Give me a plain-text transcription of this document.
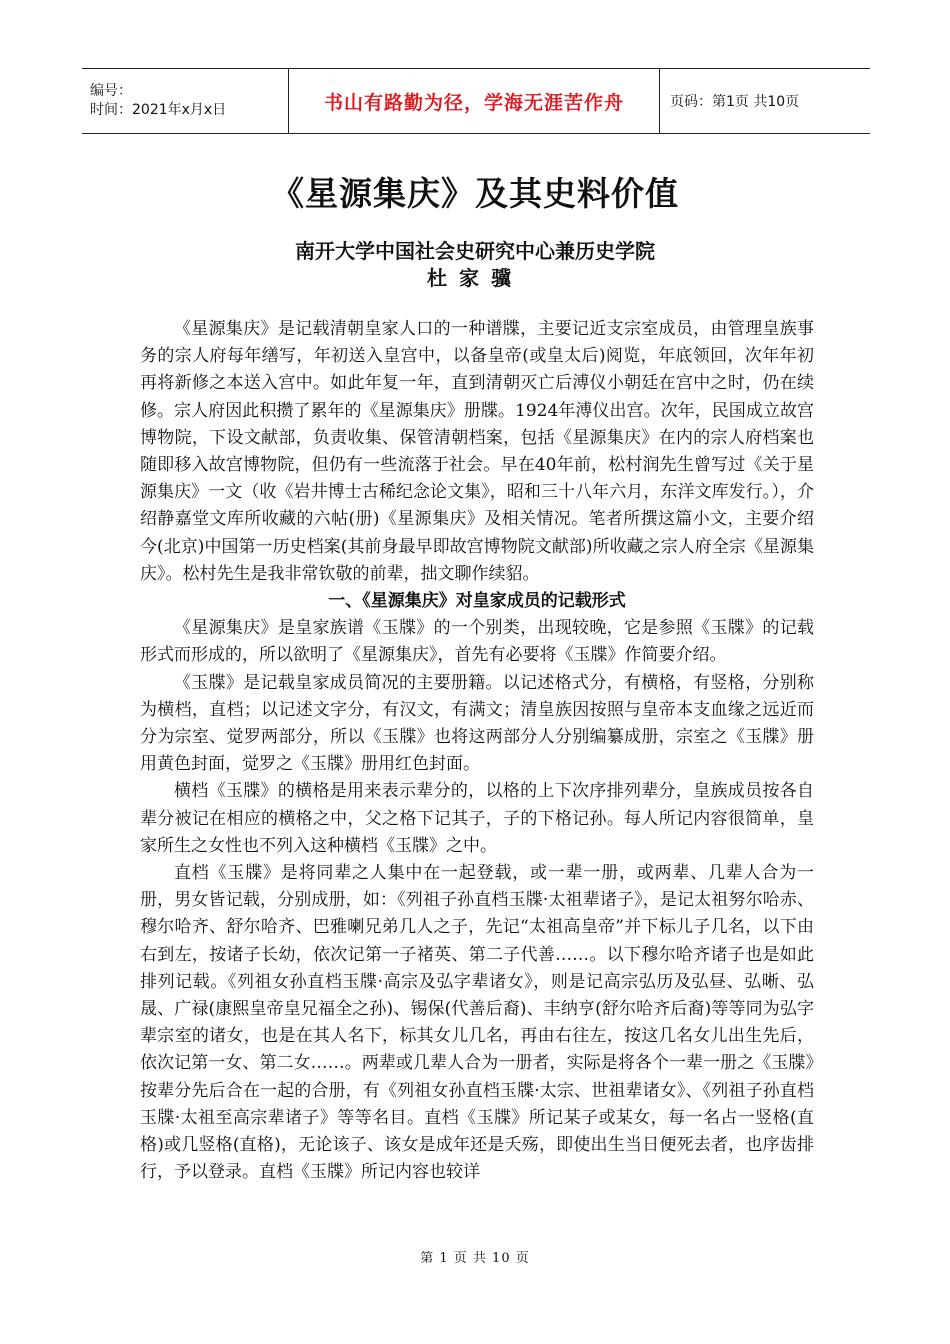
编号：
时间：2021年x月x日	书山有路勤为径，学海无涯苦作舟	页码：第1页 共10页
《星源集庆》及其史料价值
南开大学中国社会史研究中心兼历史学院
杜家骥

《星源集庆》是记载清朝皇家人口的一种谱牒，主要记近支宗室成员，由管理皇族事务的宗人府每年缮写，年初送入皇宫中，以备皇帝(或皇太后)阅览，年底领回，次年年初再将新修之本送入宫中。如此年复一年，直到清朝灭亡后溥仪小朝廷在宫中之时，仍在续修。宗人府因此积攒了累年的《星源集庆》册牒。1924年溥仪出宫。次年，民国成立故宫博物院，下设文献部，负责收集、保管清朝档案，包括《星源集庆》在内的宗人府档案也随即移入故宫博物院，但仍有一些流落于社会。早在40年前，松村润先生曾写过《关于星源集庆》一文（收《岩井博士古稀纪念论文集》，昭和三十八年六月，东洋文库发行。），介绍静嘉堂文库所收藏的六帖(册)《星源集庆》及相关情况。笔者所撰这篇小文，主要介绍今(北京)中国第一历史档案(其前身最早即故宫博物院文献部)所收藏之宗人府全宗《星源集庆》。松村先生是我非常钦敬的前辈，拙文聊作续貂。

一、《星源集庆》对皇家成员的记载形式

《星源集庆》是皇家族谱《玉牒》的一个别类，出现较晚，它是参照《玉牒》的记载形式而形成的，所以欲明了《星源集庆》，首先有必要将《玉牒》作简要介绍。

《玉牒》是记载皇家成员简况的主要册籍。以记述格式分，有横格，有竖格，分别称为横档，直档；以记述文字分，有汉文，有满文；清皇族因按照与皇帝本支血缘之远近而分为宗室、觉罗两部分，所以《玉牒》也将这两部分人分别编纂成册，宗室之《玉牒》册用黄色封面，觉罗之《玉牒》册用红色封面。

横档《玉牒》的横格是用来表示辈分的，以格的上下次序排列辈分，皇族成员按各自辈分被记在相应的横格之中，父之格下记其子，子的下格记孙。每人所记内容很简单，皇家所生之女性也不列入这种横档《玉牒》之中。

直档《玉牒》是将同辈之人集中在一起登载，或一辈一册，或两辈、几辈人合为一册，男女皆记载，分别成册，如：《列祖子孙直档玉牒·太祖辈诸子》，是记太祖努尔哈赤、穆尔哈齐、舒尔哈齐、巴雅喇兄弟几人之子，先记“太祖高皇帝”并下标儿子几名，以下由右到左，按诸子长幼，依次记第一子褚英、第二子代善……。以下穆尔哈齐诸子也是如此排列记载。《列祖女孙直档玉牒·高宗及弘字辈诸女》，则是记高宗弘历及弘昼、弘晰、弘晟、广禄(康熙皇帝皇兄福全之孙)、锡保(代善后裔)、丰纳亨(舒尔哈齐后裔)等等同为弘字辈宗室的诸女，也是在其人名下，标其女儿几名，再由右往左，按这几名女儿出生先后，依次记第一女、第二女……。两辈或几辈人合为一册者，实际是将各个一辈一册之《玉牒》按辈分先后合在一起的合册，有《列祖女孙直档玉牒·太宗、世祖辈诸女》、《列祖子孙直档玉牒·太祖至高宗辈诸子》等等名目。直档《玉牒》所记某子或某女，每一名占一竖格(直格)或几竖格(直格)，无论该子、该女是成年还是夭殇，即使出生当日便死去者，也序齿排行，予以登录。直档《玉牒》所记内容也较详

第 1 页 共 10 页
